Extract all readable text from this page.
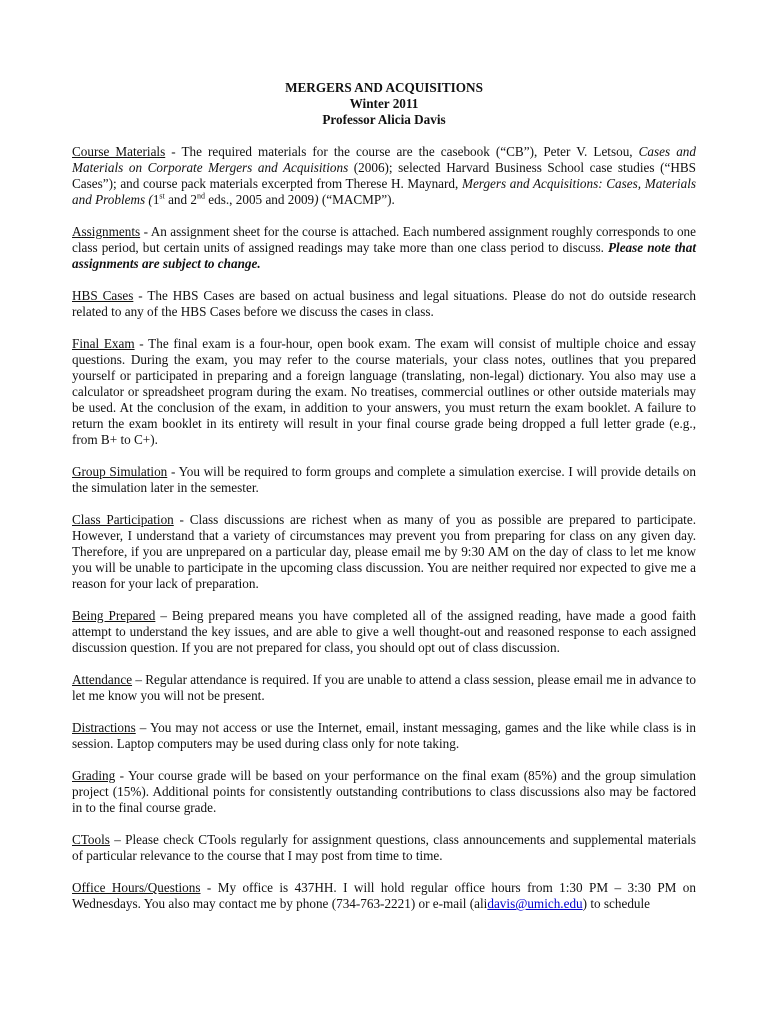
MERGERS AND ACQUISITIONS
Winter 2011
Professor Alicia Davis

Course Materials - The required materials for the course are the casebook (“CB”), Peter V. Letsou, Cases and Materials on Corporate Mergers and Acquisitions (2006); selected Harvard Business School case studies (“HBS Cases”); and course pack materials excerpted from Therese H. Maynard, Mergers and Acquisitions: Cases, Materials and Problems (1st and 2nd eds., 2005 and 2009) (“MACMP”).

Assignments - An assignment sheet for the course is attached. Each numbered assignment roughly corresponds to one class period, but certain units of assigned readings may take more than one class period to discuss. Please note that assignments are subject to change.

HBS Cases - The HBS Cases are based on actual business and legal situations. Please do not do outside research related to any of the HBS Cases before we discuss the cases in class.

Final Exam - The final exam is a four-hour, open book exam. The exam will consist of multiple choice and essay questions. During the exam, you may refer to the course materials, your class notes, outlines that you prepared yourself or participated in preparing and a foreign language (translating, non-legal) dictionary. You also may use a calculator or spreadsheet program during the exam. No treatises, commercial outlines or other outside materials may be used. At the conclusion of the exam, in addition to your answers, you must return the exam booklet. A failure to return the exam booklet in its entirety will result in your final course grade being dropped a full letter grade (e.g., from B+ to C+).

Group Simulation - You will be required to form groups and complete a simulation exercise. I will provide details on the simulation later in the semester.

Class Participation - Class discussions are richest when as many of you as possible are prepared to participate. However, I understand that a variety of circumstances may prevent you from preparing for class on any given day. Therefore, if you are unprepared on a particular day, please email me by 9:30 AM on the day of class to let me know you will be unable to participate in the upcoming class discussion. You are neither required nor expected to give me a reason for your lack of preparation.

Being Prepared – Being prepared means you have completed all of the assigned reading, have made a good faith attempt to understand the key issues, and are able to give a well thought-out and reasoned response to each assigned discussion question. If you are not prepared for class, you should opt out of class discussion.

Attendance – Regular attendance is required. If you are unable to attend a class session, please email me in advance to let me know you will not be present.

Distractions – You may not access or use the Internet, email, instant messaging, games and the like while class is in session. Laptop computers may be used during class only for note taking.

Grading - Your course grade will be based on your performance on the final exam (85%) and the group simulation project (15%). Additional points for consistently outstanding contributions to class discussions also may be factored in to the final course grade.

CTools – Please check CTools regularly for assignment questions, class announcements and supplemental materials of particular relevance to the course that I may post from time to time.

Office Hours/Questions - My office is 437HH. I will hold regular office hours from 1:30 PM – 3:30 PM on Wednesdays. You also may contact me by phone (734-763-2221) or e-mail (alidavis@umich.edu) to schedule
